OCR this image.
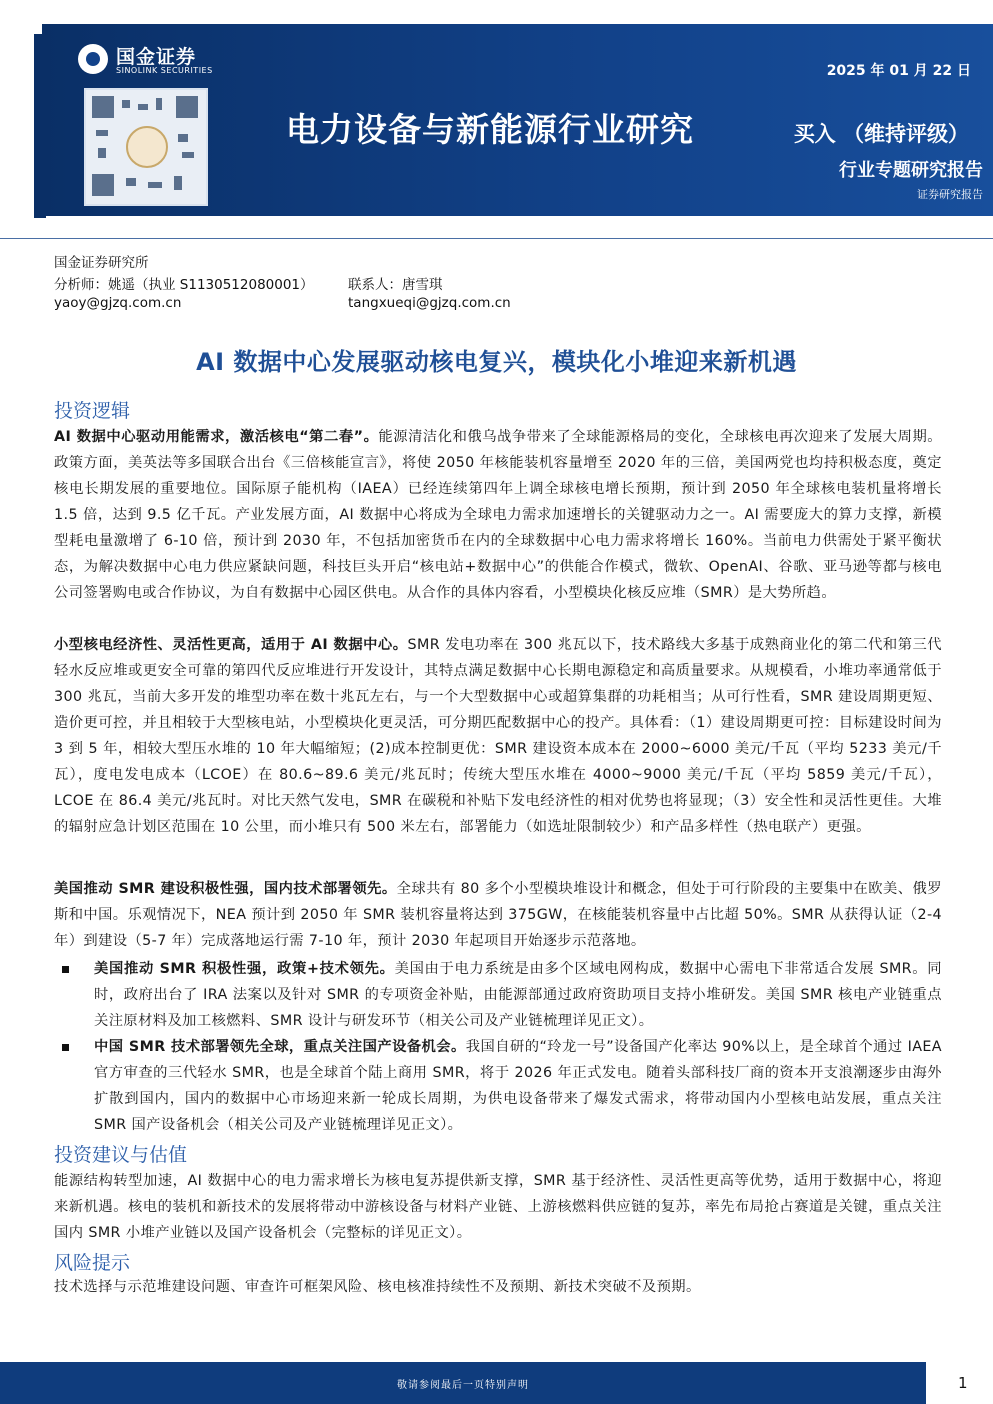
国金证券
SINOLINK SECURITIES	2025 年 01 月 22 日
电力设备与新能源行业研究	买入 （维持评级）
行业专题研究报告
证券研究报告
国金证券研究所
分析师：姚遥（执业 S1130512080001）	联系人：唐雪琪
yaoy@gjzq.com.cn	tangxueqi@gjzq.com.cn
AI 数据中心发展驱动核电复兴，模块化小堆迎来新机遇
投资逻辑

AI 数据中心驱动用能需求，激活核电“第二春”。能源清洁化和俄乌战争带来了全球能源格局的变化，全球核电再次迎来了发展大周期。政策方面，美英法等多国联合出台《三倍核能宣言》，将使 2050 年核能装机容量增至 2020 年的三倍，美国两党也均持积极态度，奠定核电长期发展的重要地位。国际原子能机构（IAEA）已经连续第四年上调全球核电增长预期，预计到 2050 年全球核电装机量将增长 1.5 倍，达到 9.5 亿千瓦。产业发展方面，AI 数据中心将成为全球电力需求加速增长的关键驱动力之一。AI 需要庞大的算力支撑，新模型耗电量激增了 6-10 倍，预计到 2030 年，不包括加密货币在内的全球数据中心电力需求将增长 160%。当前电力供需处于紧平衡状态，为解决数据中心电力供应紧缺问题，科技巨头开启“核电站+数据中心”的供能合作模式，微软、OpenAI、谷歌、亚马逊等都与核电公司签署购电或合作协议，为自有数据中心园区供电。从合作的具体内容看，小型模块化核反应堆（SMR）是大势所趋。

小型核电经济性、灵活性更高，适用于 AI 数据中心。SMR 发电功率在 300 兆瓦以下，技术路线大多基于成熟商业化的第二代和第三代轻水反应堆或更安全可靠的第四代反应堆进行开发设计，其特点满足数据中心长期电源稳定和高质量要求。从规模看，小堆功率通常低于 300 兆瓦，当前大多开发的堆型功率在数十兆瓦左右，与一个大型数据中心或超算集群的功耗相当；从可行性看，SMR 建设周期更短、造价更可控，并且相较于大型核电站，小型模块化更灵活，可分期匹配数据中心的投产。具体看：（1）建设周期更可控：目标建设时间为 3 到 5 年，相较大型压水堆的 10 年大幅缩短；(2)成本控制更优：SMR 建设资本成本在 2000~6000 美元/千瓦（平均 5233 美元/千瓦），度电发电成本（LCOE）在 80.6~89.6 美元/兆瓦时；传统大型压水堆在 4000~9000 美元/千瓦（平均 5859 美元/千瓦），LCOE 在 86.4 美元/兆瓦时。对比天然气发电，SMR 在碳税和补贴下发电经济性的相对优势也将显现；（3）安全性和灵活性更佳。大堆的辐射应急计划区范围在 10 公里，而小堆只有 500 米左右，部署能力（如选址限制较少）和产品多样性（热电联产）更强。

美国推动 SMR 建设积极性强，国内技术部署领先。全球共有 80 多个小型模块堆设计和概念，但处于可行阶段的主要集中在欧美、俄罗斯和中国。乐观情况下，NEA 预计到 2050 年 SMR 装机容量将达到 375GW，在核能装机容量中占比超 50%。SMR 从获得认证（2-4 年）到建设（5-7 年）完成落地运行需 7-10 年，预计 2030 年起项目开始逐步示范落地。

美国推动 SMR 积极性强，政策+技术领先。美国由于电力系统是由多个区域电网构成，数据中心需电下非常适合发展 SMR。同时，政府出台了 IRA 法案以及针对 SMR 的专项资金补贴，由能源部通过政府资助项目支持小堆研发。美国 SMR 核电产业链重点关注原材料及加工核燃料、SMR 设计与研发环节（相关公司及产业链梳理详见正文）。

中国 SMR 技术部署领先全球，重点关注国产设备机会。我国自研的“玲龙一号”设备国产化率达 90%以上，是全球首个通过 IAEA 官方审查的三代轻水 SMR，也是全球首个陆上商用 SMR，将于 2026 年正式发电。随着头部科技厂商的资本开支浪潮逐步由海外扩散到国内，国内的数据中心市场迎来新一轮成长周期，为供电设备带来了爆发式需求，将带动国内小型核电站发展，重点关注 SMR 国产设备机会（相关公司及产业链梳理详见正文）。

投资建议与估值

能源结构转型加速，AI 数据中心的电力需求增长为核电复苏提供新支撑，SMR 基于经济性、灵活性更高等优势，适用于数据中心，将迎来新机遇。核电的装机和新技术的发展将带动中游核设备与材料产业链、上游核燃料供应链的复苏，率先布局抢占赛道是关键，重点关注国内 SMR 小堆产业链以及国产设备机会（完整标的详见正文）。

风险提示

技术选择与示范堆建设问题、审查许可框架风险、核电核准持续性不及预期、新技术突破不及预期。

敬请参阅最后一页特别声明	1
